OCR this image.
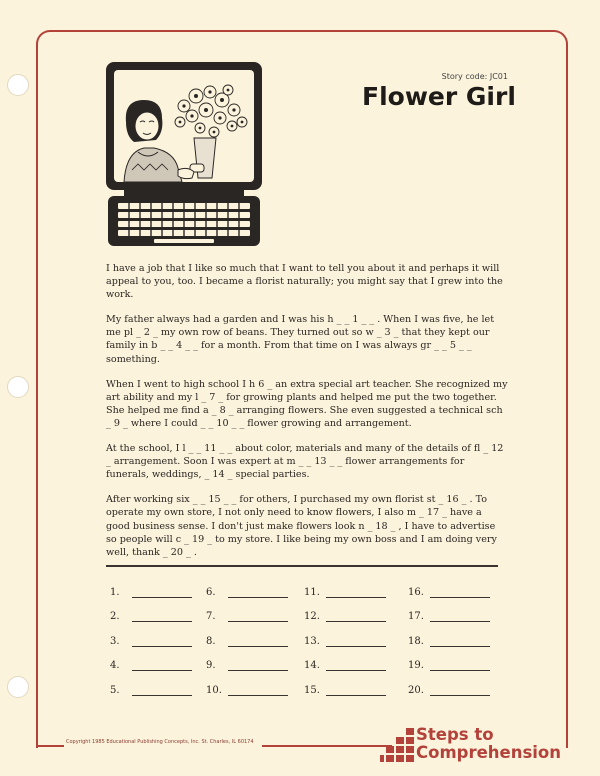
Story code: JC01
Flower Girl

I have a job that I like so much that I want to tell you about it and perhaps it will appeal to you, too. I became a florist naturally; you might say that I grew into the work.

My father always had a garden and I was his h _ _ 1 _ _ . When I was five, he let me pl _ 2 _ my own row of beans. They turned out so w _ 3 _ that they kept our family in b _ _ 4 _ _ for a month. From that time on I was always gr _ _ 5 _ _ something.

When I went to high school I h 6 _ an extra special art teacher. She recognized my art ability and my l _ 7 _ for growing plants and helped me put the two together. She helped me find a _ 8 _ arranging flowers. She even suggested a technical sch _ 9 _ where I could _ _ 10 _ _ flower growing and arrangement.

At the school, I l _ _ 11 _ _ about color, materials and many of the details of fl _ 12 _ arrangement. Soon I was expert at m _ _ 13 _ _ flower arrangements for funerals, weddings, _ 14 _ special parties.

After working six _ _ 15 _ _ for others, I purchased my own florist st _ 16 _ . To operate my own store, I not only need to know flowers, I also m _ 17 _ have a good business sense. I don't just make flowers look n _ 18 _ , I have to advertise so people will c _ 19 _ to my store. I like being my own boss and I am doing very well, thank _ 20 _ .

1.	6.	11.	16.
2.	7.	12.	17.
3.	8.	13.	18.
4.	9.	14.	19.
5.	10.	15.	20.
Copyright 1985 Educational Publishing Concepts, Inc. St. Charles, IL 60174	Steps to
Comprehension
